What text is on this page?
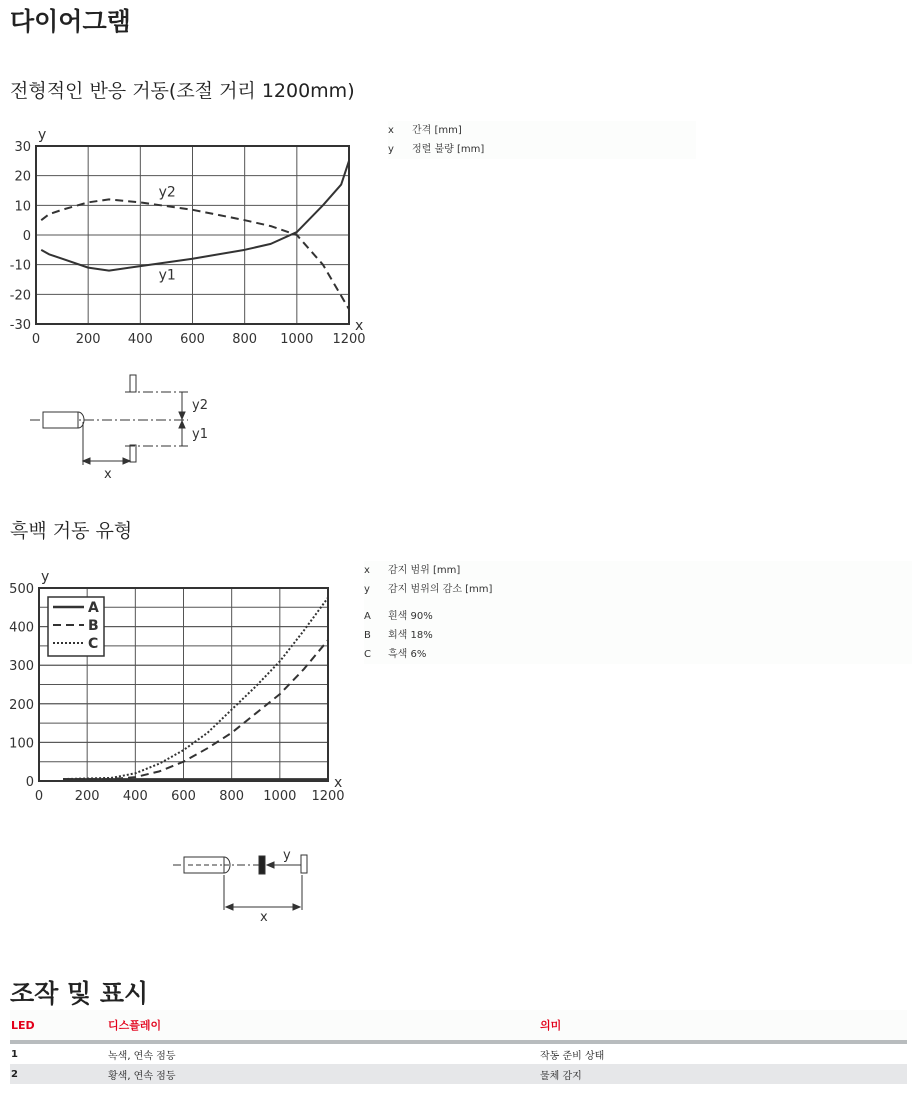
다이어그램
전형적인 반응 거동(조절 거리 1200mm)
30
20
10
0
-10
-20
-30
0	200 400 600 800 1000 1200
y
x
y2
y1
x 간격 [mm]
y 정렬 불량 [mm]
y2
y1
x
흑백 거동 유형
500
400
300
200
100
0
0 200 400 600 800 1000 1200
y
x
A
B
C
x 감지 범위 [mm]
y 감지 범위의 감소 [mm]
A 흰색 90%
B 회색 18%
C 흑색 6%
y
x
조작 및 표시
LED	디스플레이	의미
1	녹색, 연속 점등	작동 준비 상태
2	황색, 연속 점등	물체 감지
